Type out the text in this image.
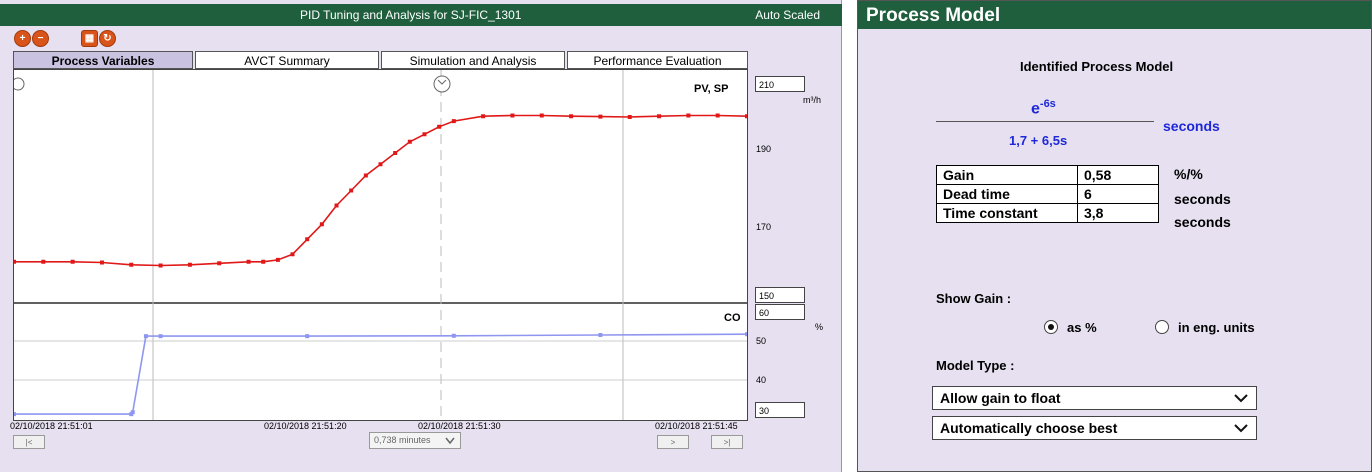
PID Tuning and Analysis for SJ-FIC_1301	Auto Scaled
+	−	▦ ↻
Process Variables	AVCT Summary	Simulation and Analysis	Performance Evaluation
PV, SP
CO
210
m³/h
190
170
150
60
%
50
40
30
02/10/2018 21:51:01	02/10/2018 21:51:20	02/10/2018 21:51:30	02/10/2018 21:51:45
|<	>	>|
0,738 minutes
Process Model
Identified Process Model
$e^{-6s}$
seconds
1,7 + 6,5s
Gain	0,58
Dead time	6
Time constant	3,8
%/%
seconds
seconds
Show Gain :
as %	in eng. units
Model Type :
Allow gain to float
Automatically choose best
